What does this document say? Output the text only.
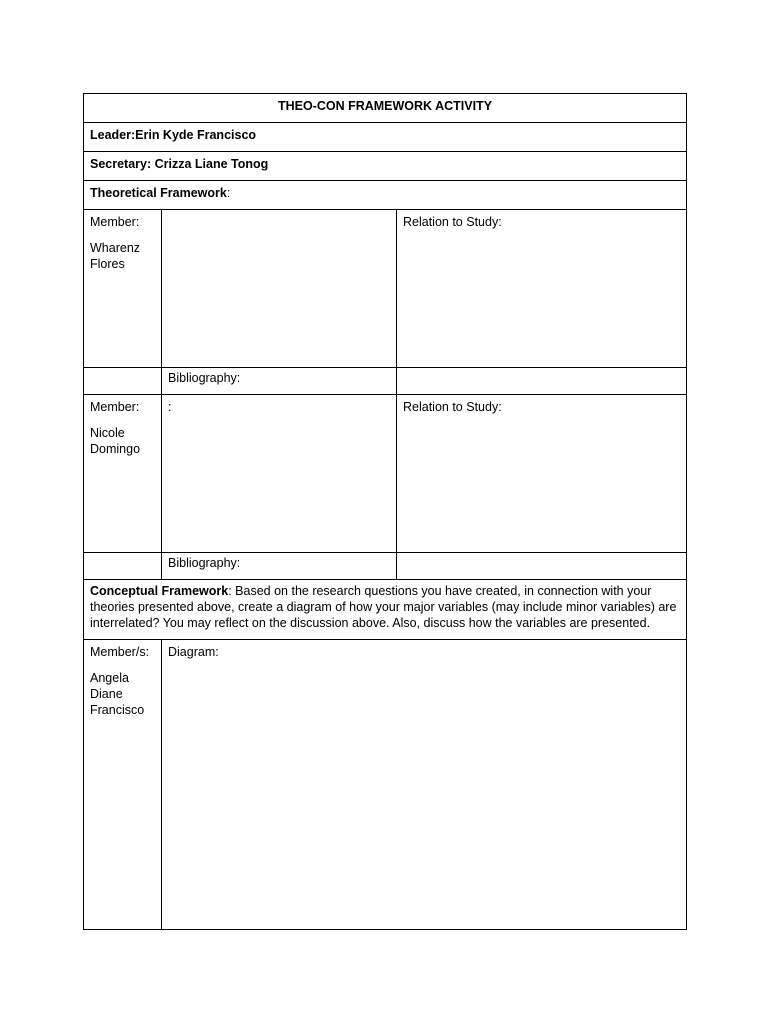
THEO-CON FRAMEWORK ACTIVITY		
Leader:Erin Kyde Francisco		
Secretary: Crizza Liane Tonog		
Theoretical Framework:		
Member:
Wharenz
Flores		Relation to Study:
	Bibliography:	
Member:
Nicole
Domingo	:	Relation to Study:
	Bibliography:	
Conceptual Framework: Based on the research questions you have created, in connection with your theories presented above, create a diagram of how your major variables (may include minor variables) are interrelated? You may reflect on the discussion above. Also, discuss how the variables are presented.		
Member/s:
Angela
Diane
Francisco	Diagram:	
